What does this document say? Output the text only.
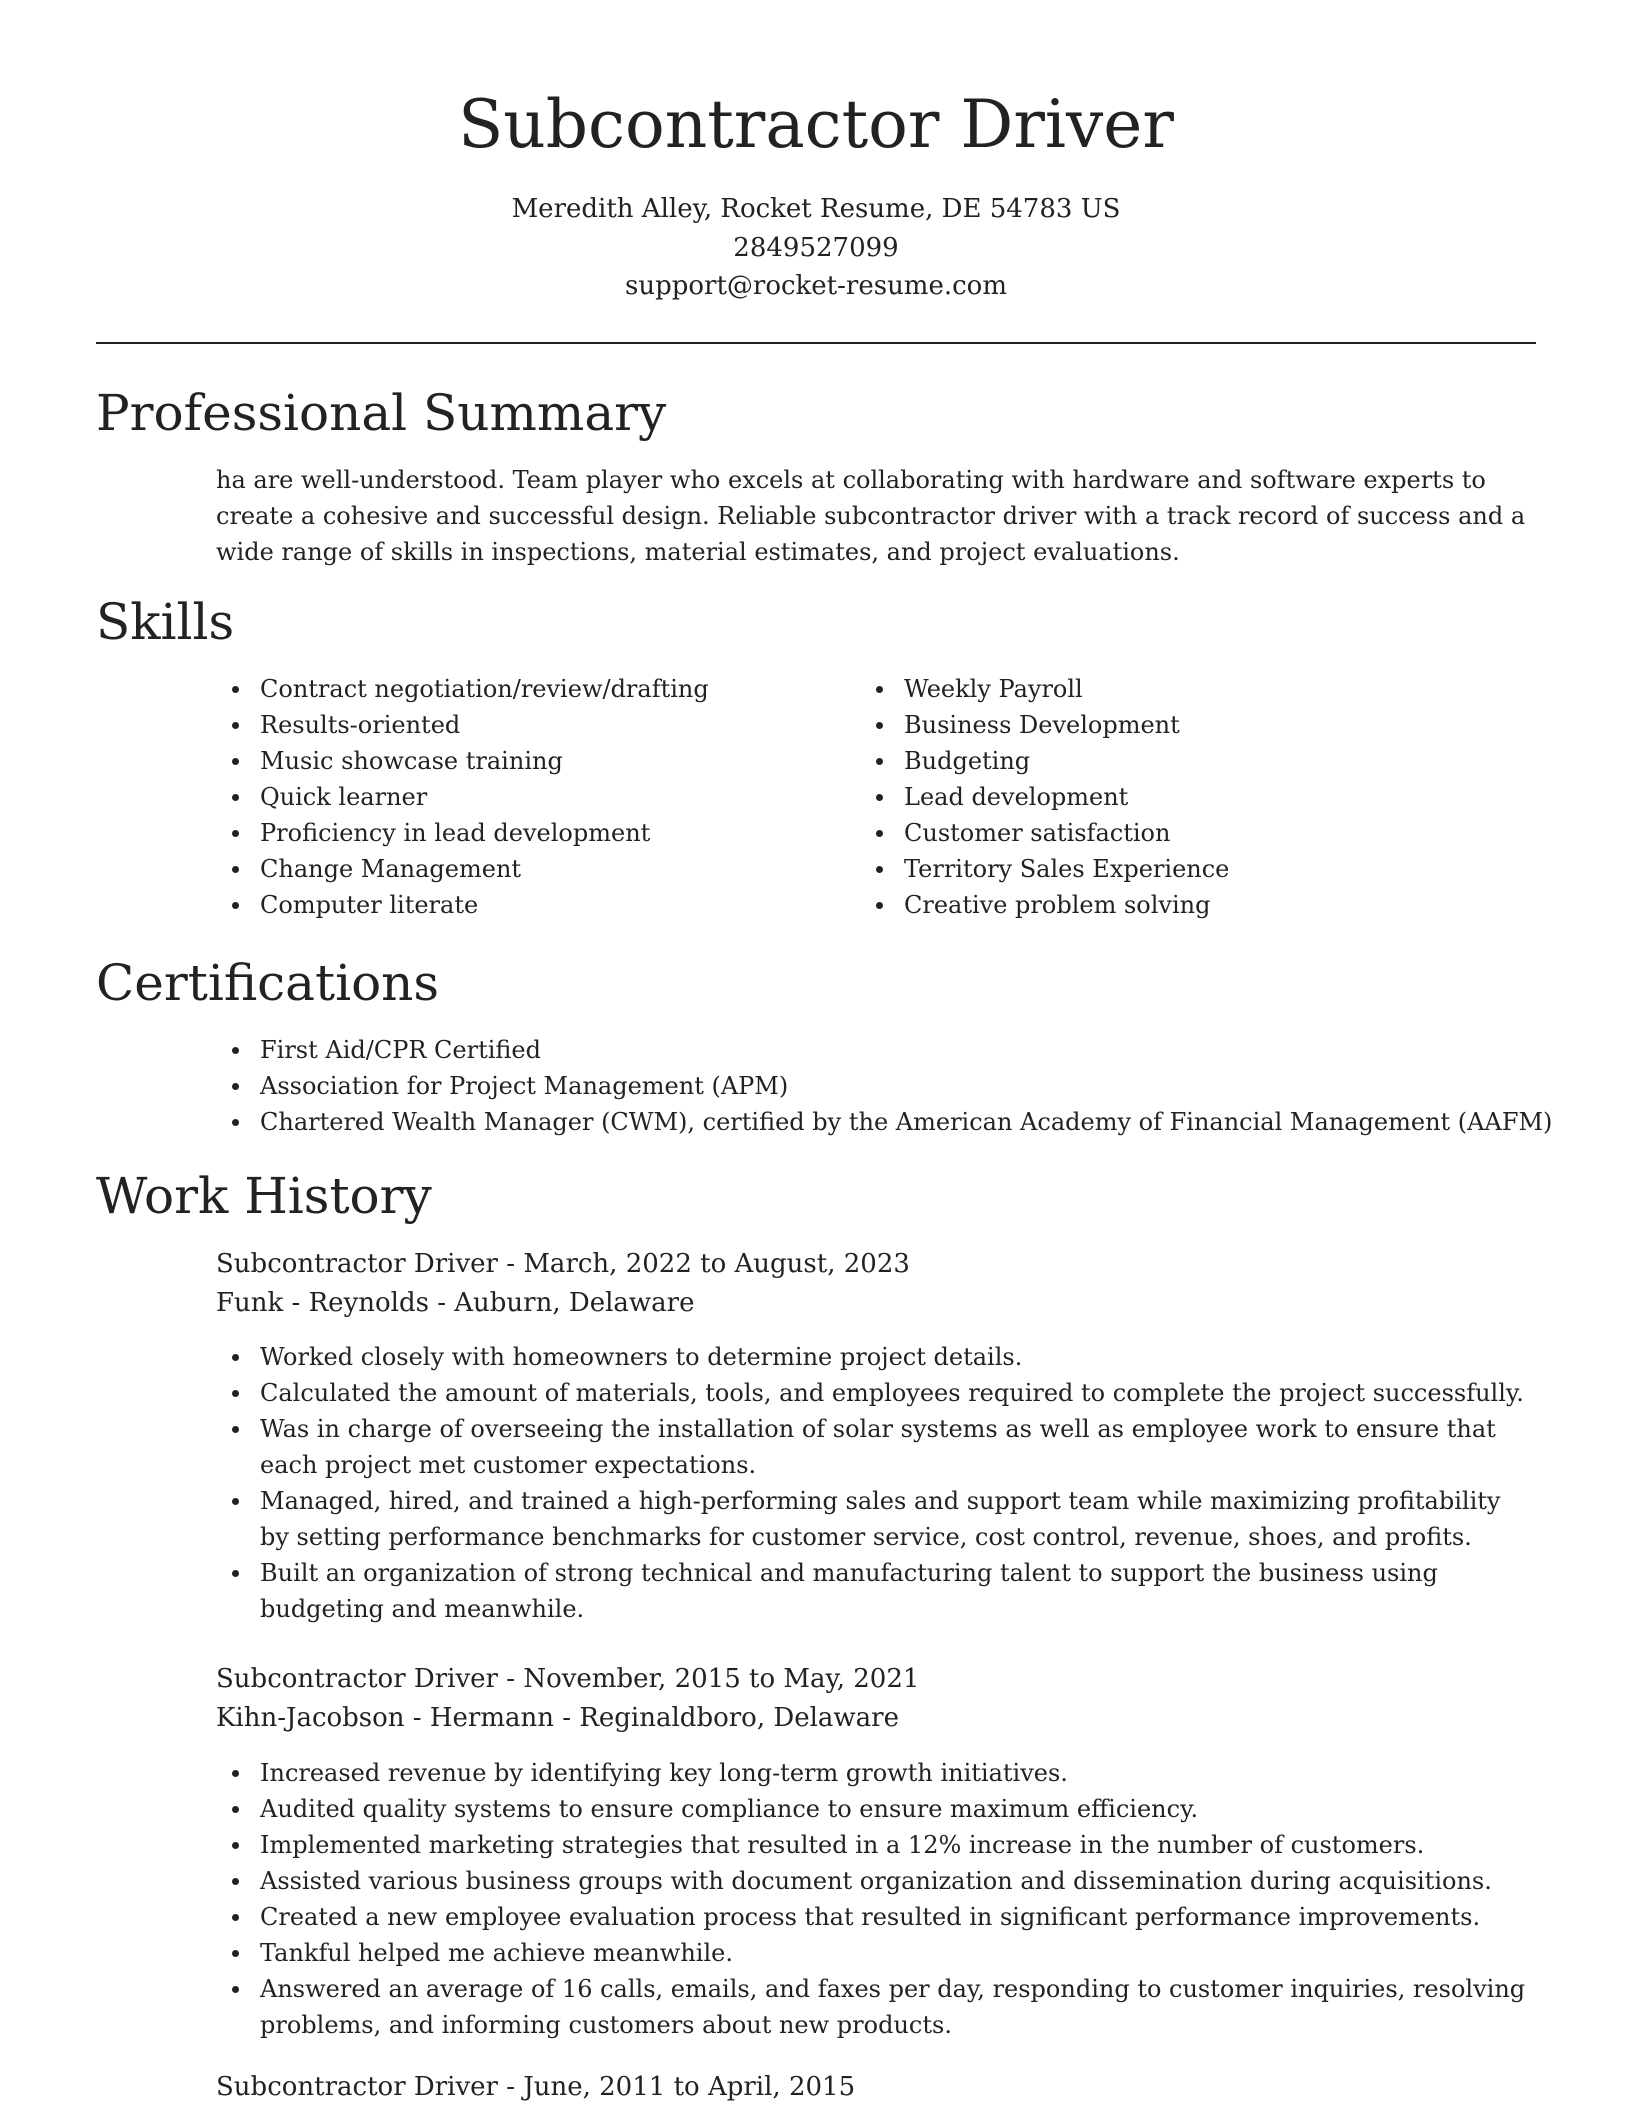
Subcontractor Driver
Meredith Alley, Rocket Resume, DE 54783 US
2849527099
support@rocket-resume.com
Professional Summary

ha are well-understood. Team player who excels at collaborating with hardware and software experts to create a cohesive and successful design. Reliable subcontractor driver with a track record of success and a wide range of skills in inspections, material estimates, and project evaluations.

Skills
Contract negotiation/review/drafting
Results-oriented
Music showcase training
Quick learner
Proficiency in lead development
Change Management
Computer literate
Weekly Payroll
Business Development
Budgeting
Lead development
Customer satisfaction
Territory Sales Experience
Creative problem solving
Certifications
First Aid/CPR Certified
Association for Project Management (APM)
Chartered Wealth Manager (CWM), certified by the American Academy of Financial Management (AAFM)
Work History
Subcontractor Driver - March, 2022 to August, 2023
Funk - Reynolds - Auburn, Delaware
Worked closely with homeowners to determine project details.
Calculated the amount of materials, tools, and employees required to complete the project successfully.
Was in charge of overseeing the installation of solar systems as well as employee work to ensure that each project met customer expectations.
Managed, hired, and trained a high-performing sales and support team while maximizing profitability by setting performance benchmarks for customer service, cost control, revenue, shoes, and profits.
Built an organization of strong technical and manufacturing talent to support the business using budgeting and meanwhile.
Subcontractor Driver - November, 2015 to May, 2021
Kihn-Jacobson - Hermann - Reginaldboro, Delaware
Increased revenue by identifying key long-term growth initiatives.
Audited quality systems to ensure compliance to ensure maximum efficiency.
Implemented marketing strategies that resulted in a 12% increase in the number of customers.
Assisted various business groups with document organization and dissemination during acquisitions.
Created a new employee evaluation process that resulted in significant performance improvements.
Tankful helped me achieve meanwhile.
Answered an average of 16 calls, emails, and faxes per day, responding to customer inquiries, resolving problems, and informing customers about new products.
Subcontractor Driver - June, 2011 to April, 2015
